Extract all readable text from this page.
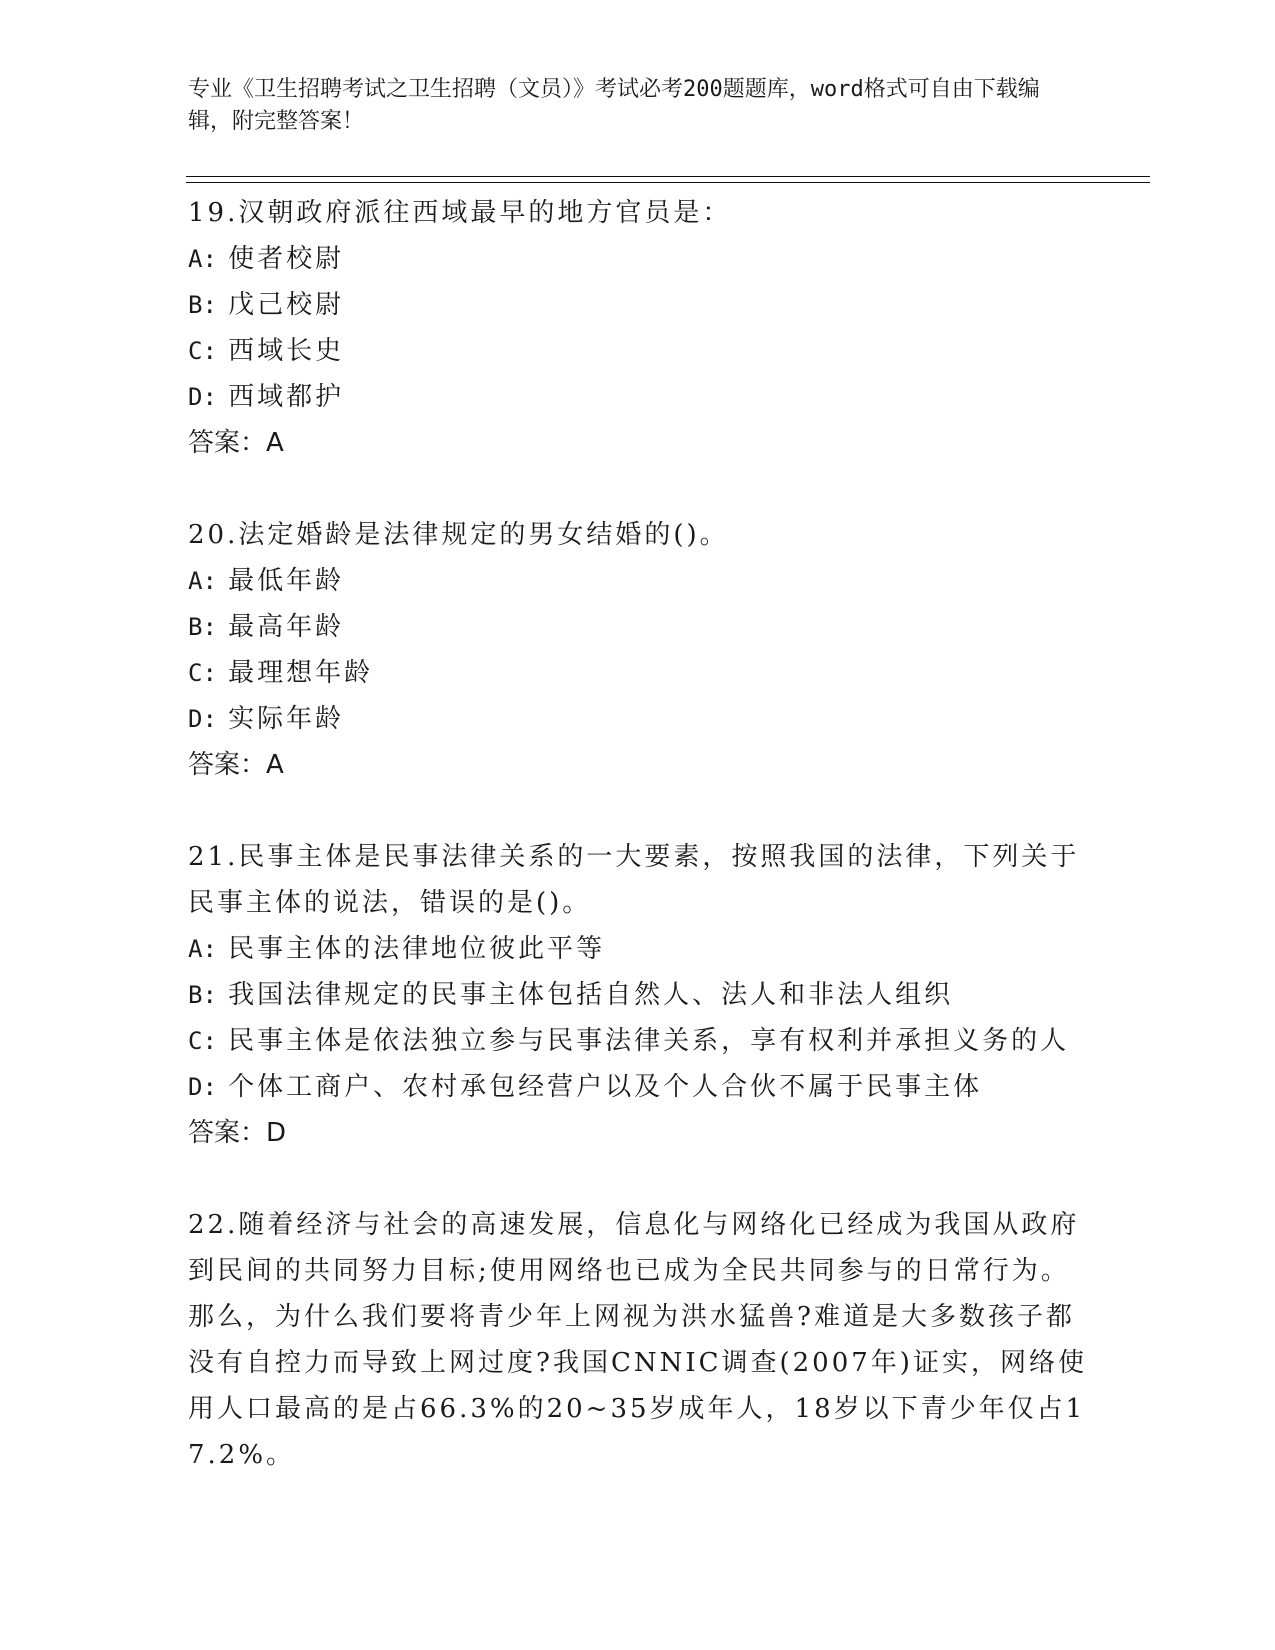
专业《卫生招聘考试之卫生招聘（文员）》考试必考200题题库，word格式可自由下载编辑，附完整答案！
19.汉朝政府派往西域最早的地方官员是：
A: 使者校尉
B: 戊己校尉
C: 西域长史
D: 西域都护
答案：A
20.法定婚龄是法律规定的男女结婚的()。
A: 最低年龄
B: 最高年龄
C: 最理想年龄
D: 实际年龄
答案：A
21.民事主体是民事法律关系的一大要素，按照我国的法律，下列关于民事主体的说法，错误的是()。
A: 民事主体的法律地位彼此平等
B: 我国法律规定的民事主体包括自然人、法人和非法人组织
C: 民事主体是依法独立参与民事法律关系，享有权利并承担义务的人
D: 个体工商户、农村承包经营户以及个人合伙不属于民事主体
答案：D
22.随着经济与社会的高速发展，信息化与网络化已经成为我国从政府到民间的共同努力目标;使用网络也已成为全民共同参与的日常行为。那么，为什么我们要将青少年上网视为洪水猛兽?难道是大多数孩子都没有自控力而导致上网过度?我国CNNIC调查(2007年)证实，网络使用人口最高的是占66.3%的20~35岁成年人，18岁以下青少年仅占17.2%。
